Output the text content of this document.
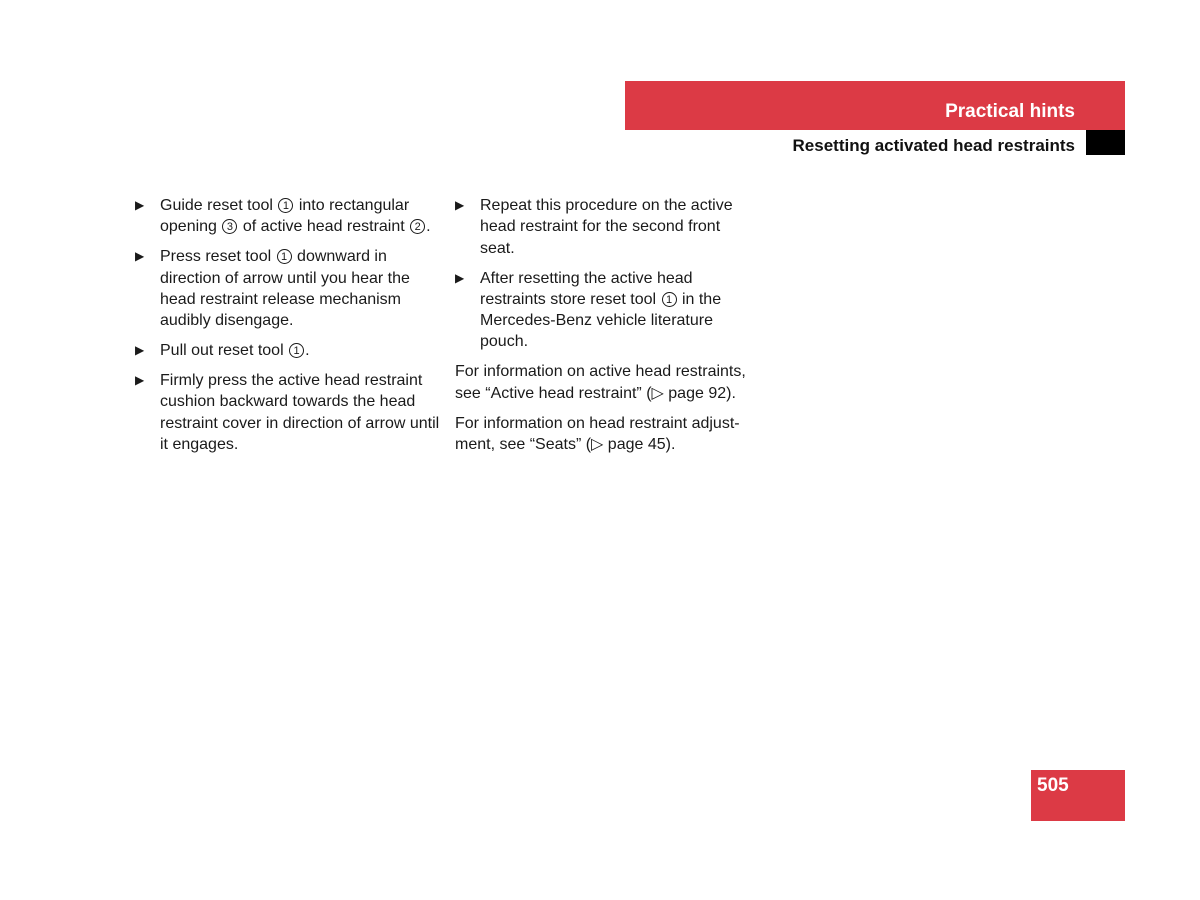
Practical hints
Resetting activated head restraints
▶ Guide reset tool 1 into rectangular opening 3 of active head restraint 2 .
▶ Press reset tool 1 downward in direction of arrow until you hear the head restraint release mechanism audibly disengage.
▶ Pull out reset tool 1 .
▶ Firmly press the active head restraint cushion backward towards the head restraint cover in direction of arrow until it engages.
▶ Repeat this procedure on the active head restraint for the second front seat.
▶ After resetting the active head restraints store reset tool 1 in the Mercedes-Benz vehicle literature pouch.

For information on active head restraints, see “Active head restraint” (▷ page 92).

For information on head restraint adjust-ment, see “Seats” (▷ page 45).

505
